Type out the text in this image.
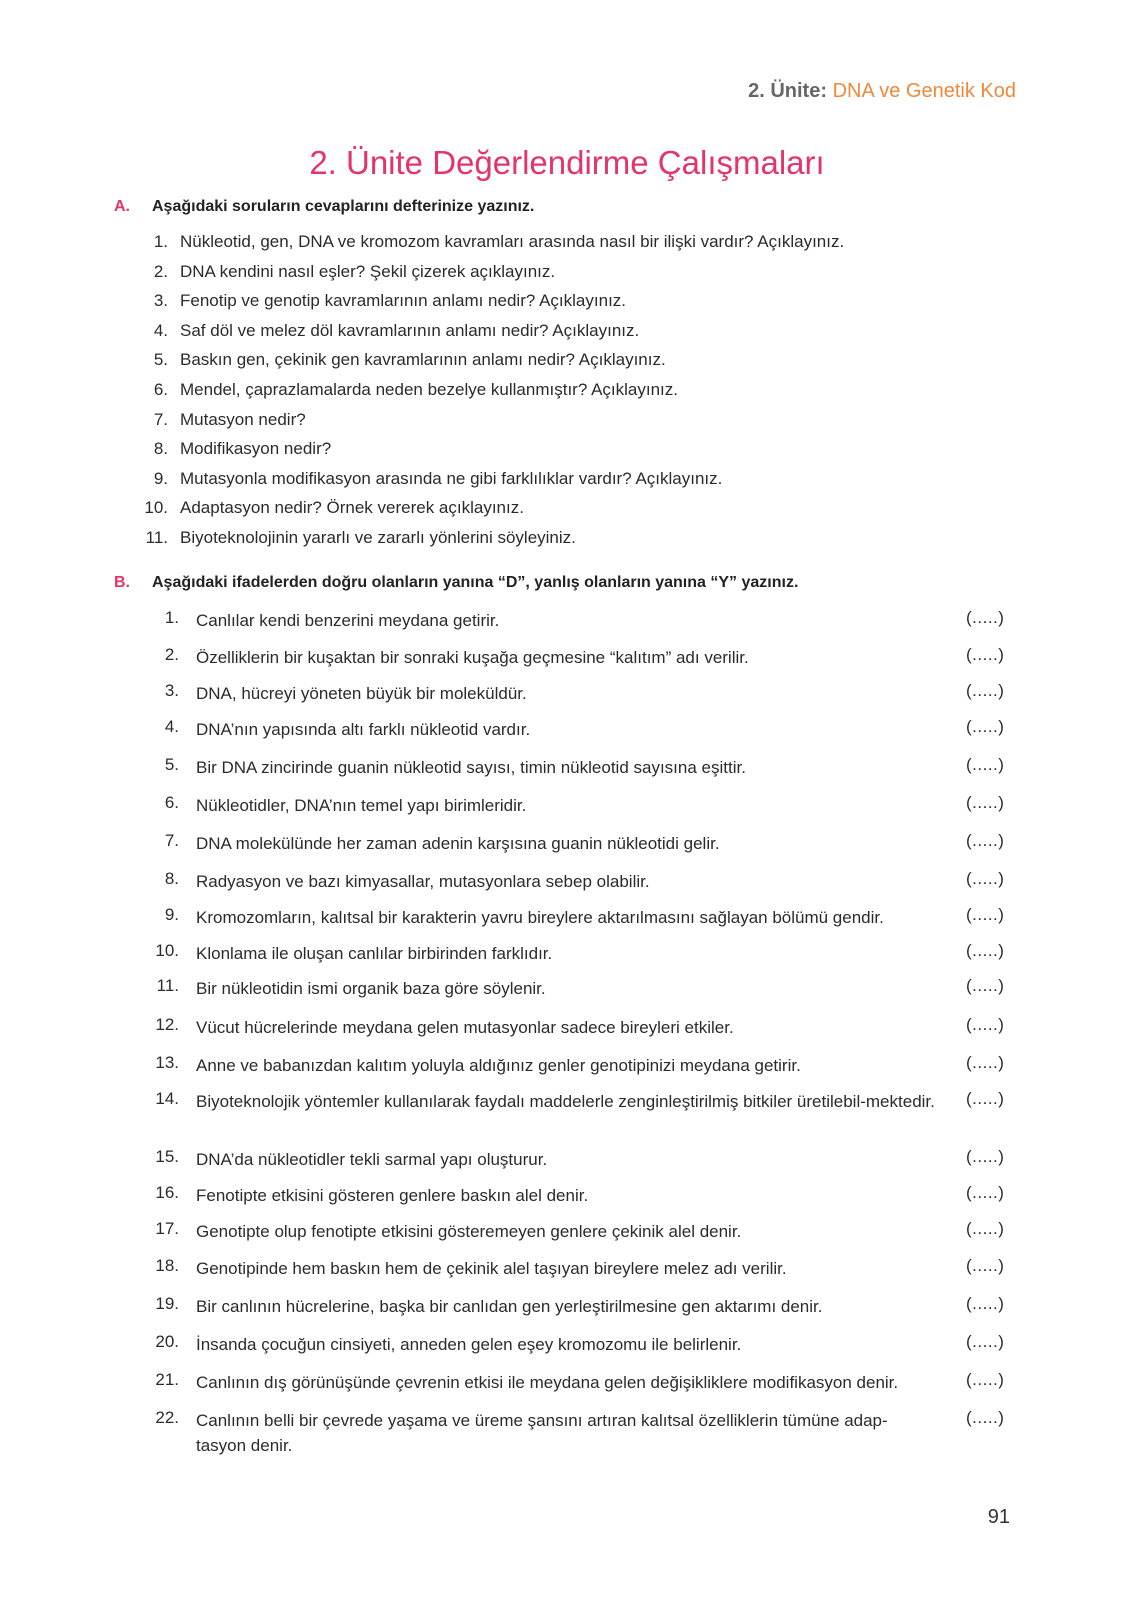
2. Ünite: DNA ve Genetik Kod
2. Ünite Değerlendirme Çalışmaları
A. Aşağıdaki soruların cevaplarını defterinize yazınız.
1. Nükleotid, gen, DNA ve kromozom kavramları arasında nasıl bir ilişki vardır? Açıklayınız.
2. DNA kendini nasıl eşler? Şekil çizerek açıklayınız.
3. Fenotip ve genotip kavramlarının anlamı nedir? Açıklayınız.
4. Saf döl ve melez döl kavramlarının anlamı nedir? Açıklayınız.
5. Baskın gen, çekinik gen kavramlarının anlamı nedir? Açıklayınız.
6. Mendel, çaprazlamalarda neden bezelye kullanmıştır? Açıklayınız.
7. Mutasyon nedir?
8. Modifikasyon nedir?
9. Mutasyonla modifikasyon arasında ne gibi farklılıklar vardır? Açıklayınız.
10. Adaptasyon nedir? Örnek vererek açıklayınız.
11. Biyoteknolojinin yararlı ve zararlı yönlerini söyleyiniz.
B. Aşağıdaki ifadelerden doğru olanların yanına “D”, yanlış olanların yanına “Y” yazınız.
1. Canlılar kendi benzerini meydana getirir.	(.....)
2. Özelliklerin bir kuşaktan bir sonraki kuşağa geçmesine “kalıtım” adı verilir.	(.....)
3. DNA, hücreyi yöneten büyük bir moleküldür.	(.....)
4. DNA’nın yapısında altı farklı nükleotid vardır.	(.....)
5. Bir DNA zincirinde guanin nükleotid sayısı, timin nükleotid sayısına eşittir.	(.....)
6. Nükleotidler, DNA’nın temel yapı birimleridir.	(.....)
7. DNA molekülünde her zaman adenin karşısına guanin nükleotidi gelir.	(.....)
8. Radyasyon ve bazı kimyasallar, mutasyonlara sebep olabilir.	(.....)
9. Kromozomların, kalıtsal bir karakterin yavru bireylere aktarılmasını sağlayan bölümü gendir.	(.....)
10. Klonlama ile oluşan canlılar birbirinden farklıdır.	(.....)
11. Bir nükleotidin ismi organik baza göre söylenir.	(.....)
12. Vücut hücrelerinde meydana gelen mutasyonlar sadece bireyleri etkiler.	(.....)
13. Anne ve babanızdan kalıtım yoluyla aldığınız genler genotipinizi meydana getirir.	(.....)
14. Biyoteknolojik yöntemler kullanılarak faydalı maddelerle zenginleştirilmiş bitkiler üretilebil-mektedir. (.....)
15. DNA’da nükleotidler tekli sarmal yapı oluşturur.	(.....)
16. Fenotipte etkisini gösteren genlere baskın alel denir.	(.....)
17. Genotipte olup fenotipte etkisini gösteremeyen genlere çekinik alel denir.	(.....)
18. Genotipinde hem baskın hem de çekinik alel taşıyan bireylere melez adı verilir.	(.....)
19. Bir canlının hücrelerine, başka bir canlıdan gen yerleştirilmesine gen aktarımı denir.	(.....)
20. İnsanda çocuğun cinsiyeti, anneden gelen eşey kromozomu ile belirlenir.	(.....)
21. Canlının dış görünüşünde çevrenin etkisi ile meydana gelen değişikliklere modifikasyon denir.	(.....)
22. Canlının belli bir çevrede yaşama ve üreme şansını artıran kalıtsal özelliklerin tümüne adap-tasyon denir.
(.....)
91
